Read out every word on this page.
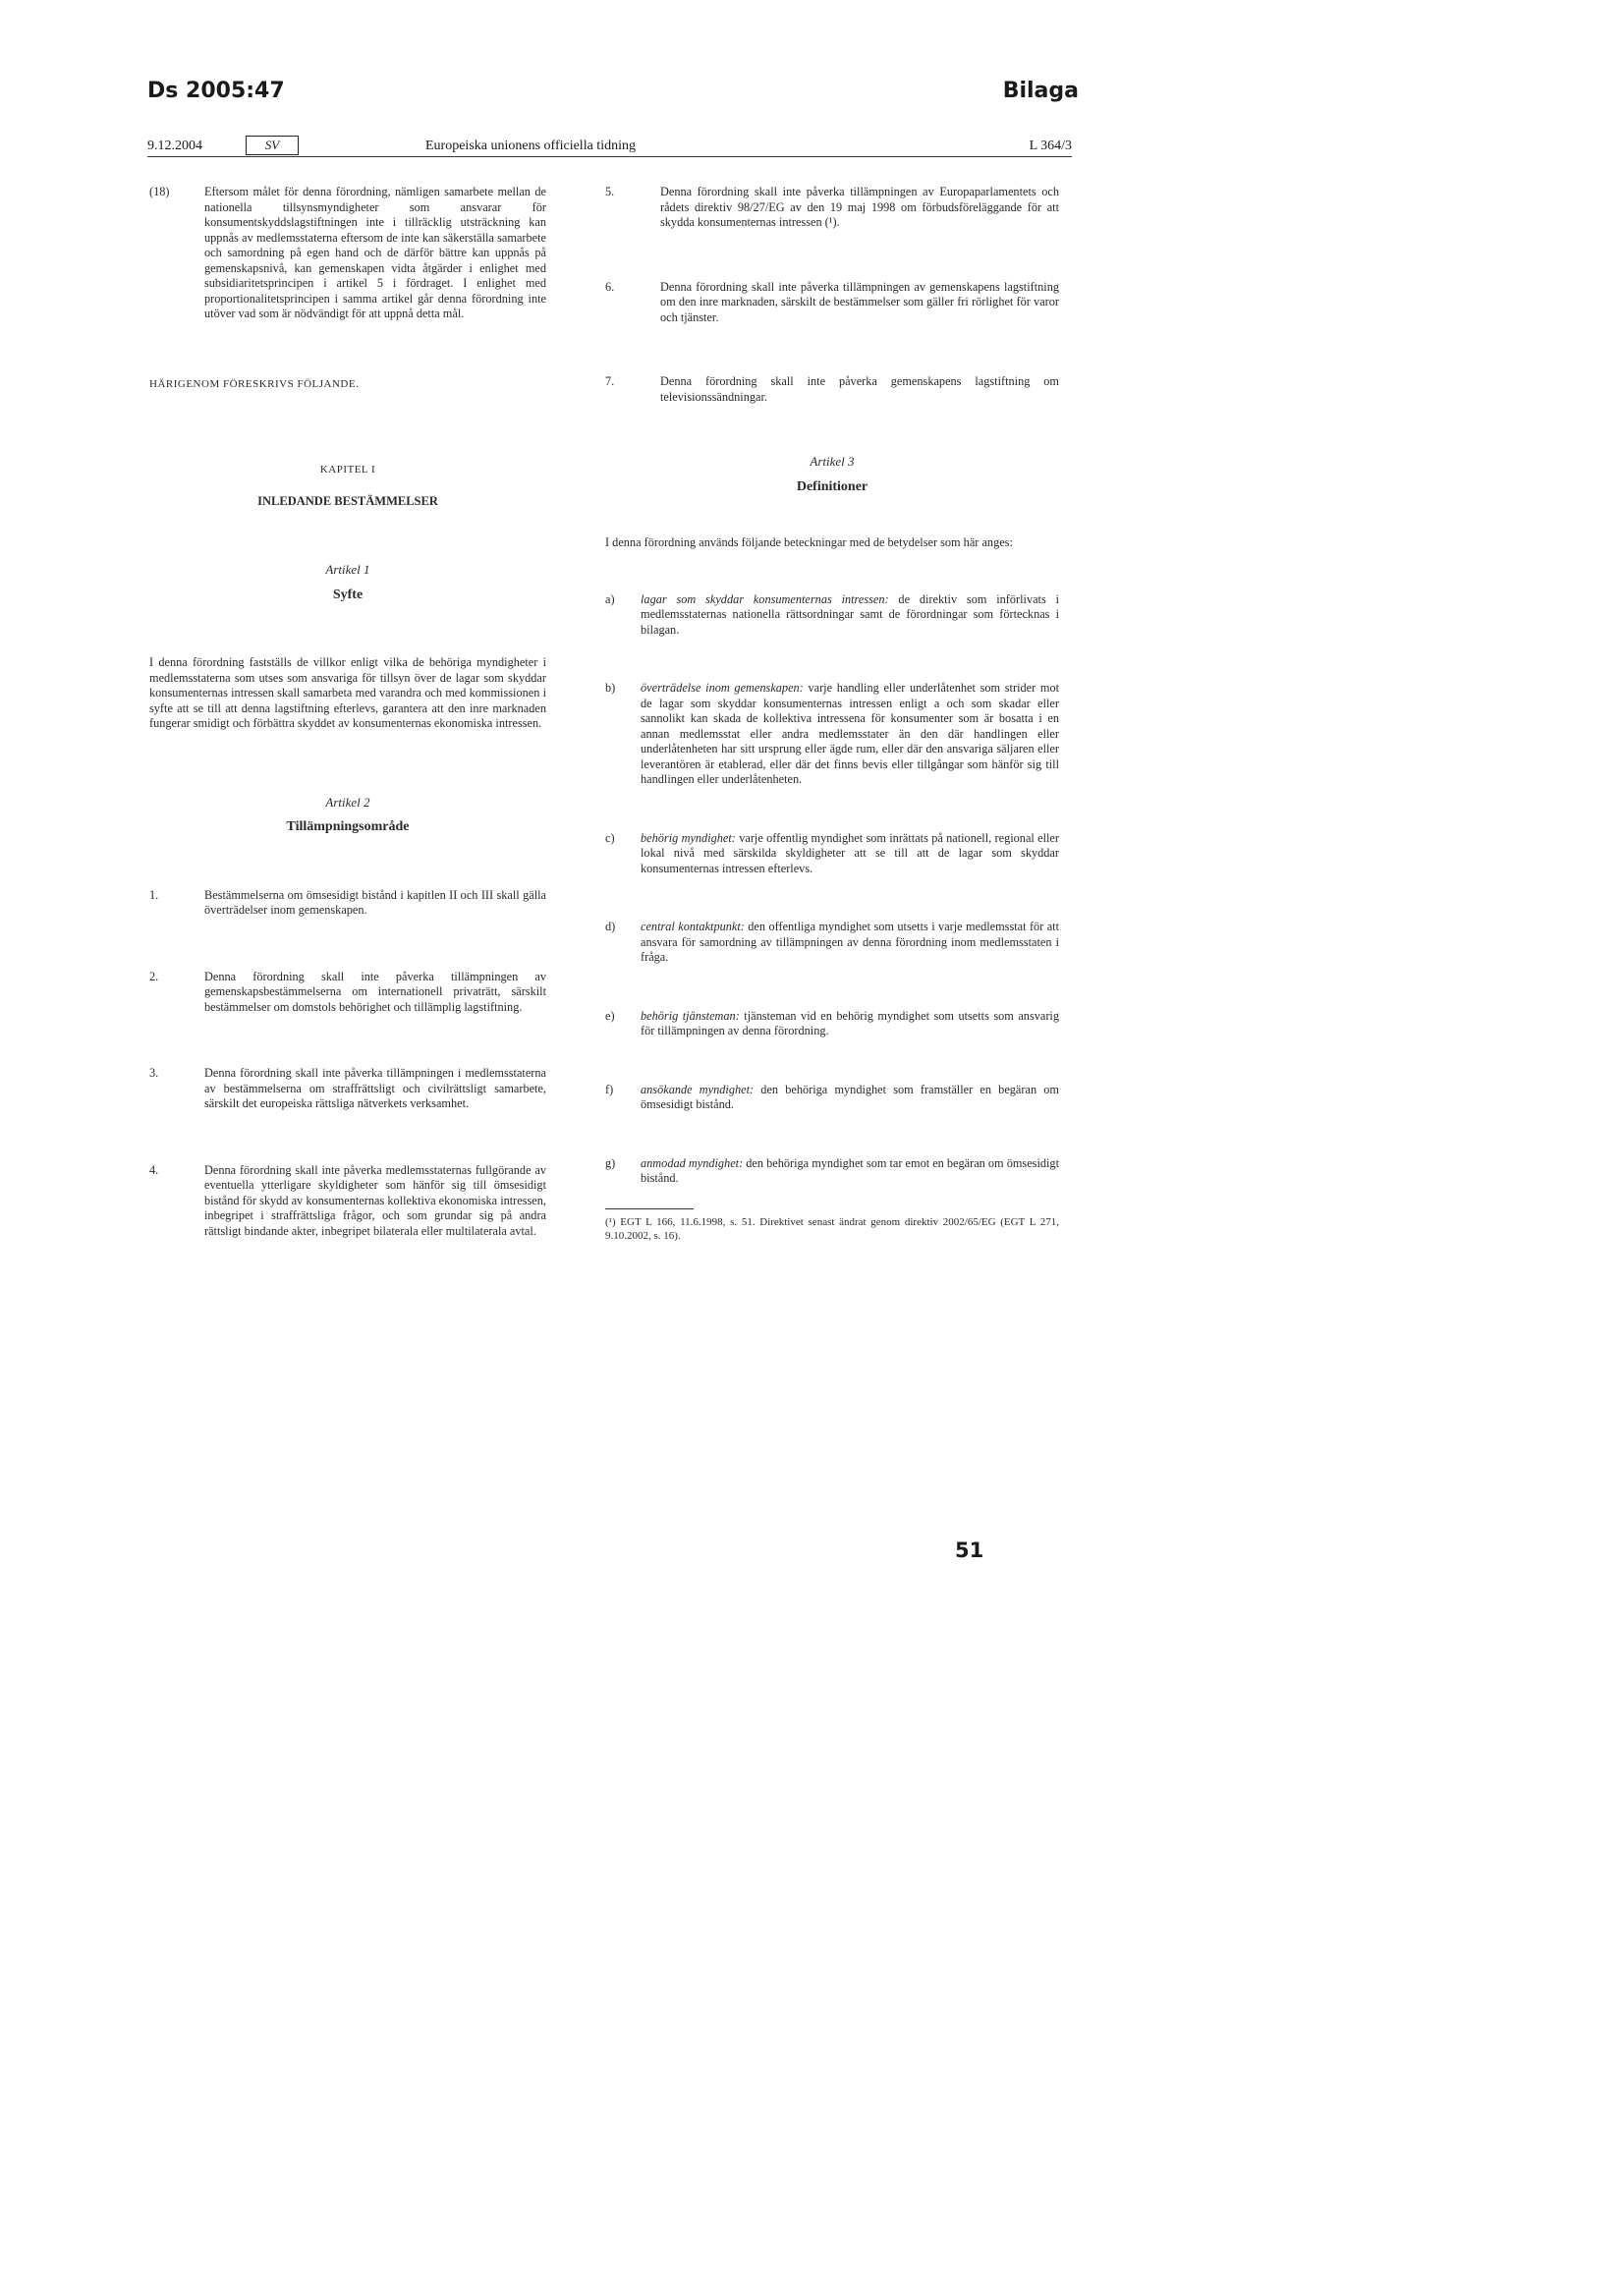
Ds 2005:47	Bilaga
9.12.2004	SV	Europeiska unionens officiella tidning	L 364/3
(18)	Eftersom målet för denna förordning, nämligen samarbete mellan de nationella tillsynsmyndigheter som ansvarar för konsumentskyddslagstiftningen inte i tillräcklig utsträckning kan uppnås av medlemsstaterna eftersom de inte kan säkerställa samarbete och samordning på egen hand och de därför bättre kan uppnås på gemenskapsnivå, kan gemenskapen vidta åtgärder i enlighet med subsidiaritetsprincipen i artikel 5 i fördraget. I enlighet med proportionalitetsprincipen i samma artikel går denna förordning inte utöver vad som är nödvändigt för att uppnå detta mål.
HÄRIGENOM FÖRESKRIVS FÖLJANDE.
KAPITEL I
INLEDANDE BESTÄMMELSER
Artikel 1
Syfte

I denna förordning fastställs de villkor enligt vilka de behöriga myndigheter i medlemsstaterna som utses som ansvariga för tillsyn över de lagar som skyddar konsumenternas intressen skall samarbeta med varandra och med kommissionen i syfte att se till att denna lagstiftning efterlevs, garantera att den inre marknaden fungerar smidigt och förbättra skyddet av konsumenternas ekonomiska intressen.

Artikel 2
Tillämpningsområde
1.	Bestämmelserna om ömsesidigt bistånd i kapitlen II och III skall gälla överträdelser inom gemenskapen.
2.	Denna förordning skall inte påverka tillämpningen av gemenskapsbestämmelserna om internationell privaträtt, särskilt bestämmelser om domstols behörighet och tillämplig lagstiftning.
3.	Denna förordning skall inte påverka tillämpningen i medlemsstaterna av bestämmelserna om straffrättsligt och civilrättsligt samarbete, särskilt det europeiska rättsliga nätverkets verksamhet.
4.	Denna förordning skall inte påverka medlemsstaternas fullgörande av eventuella ytterligare skyldigheter som hänför sig till ömsesidigt bistånd för skydd av konsumenternas kollektiva ekonomiska intressen, inbegripet i straffrättsliga frågor, och som grundar sig på andra rättsligt bindande akter, inbegripet bilaterala eller multilaterala avtal.
5.	Denna förordning skall inte påverka tillämpningen av Europaparlamentets och rådets direktiv 98/27/EG av den 19 maj 1998 om förbudsföreläggande för att skydda konsumenternas intressen (¹).
6.	Denna förordning skall inte påverka tillämpningen av gemenskapens lagstiftning om den inre marknaden, särskilt de bestämmelser som gäller fri rörlighet för varor och tjänster.
7.	Denna förordning skall inte påverka gemenskapens lagstiftning om televisionssändningar.
Artikel 3
Definitioner

I denna förordning används följande beteckningar med de betydelser som här anges:

a)	lagar som skyddar konsumenternas intressen: de direktiv som införlivats i medlemsstaternas nationella rättsordningar samt de förordningar som förtecknas i bilagan.
b)	överträdelse inom gemenskapen: varje handling eller underlåtenhet som strider mot de lagar som skyddar konsumenternas intressen enligt a och som skadar eller sannolikt kan skada de kollektiva intressena för konsumenter som är bosatta i en annan medlemsstat eller andra medlemsstater än den där handlingen eller underlåtenheten har sitt ursprung eller ägde rum, eller där den ansvariga säljaren eller leverantören är etablerad, eller där det finns bevis eller tillgångar som hänför sig till handlingen eller underlåtenheten.
c)	behörig myndighet: varje offentlig myndighet som inrättats på nationell, regional eller lokal nivå med särskilda skyldigheter att se till att de lagar som skyddar konsumenternas intressen efterlevs.
d)	central kontaktpunkt: den offentliga myndighet som utsetts i varje medlemsstat för att ansvara för samordning av tillämpningen av denna förordning inom medlemsstaten i fråga.
e)	behörig tjänsteman: tjänsteman vid en behörig myndighet som utsetts som ansvarig för tillämpningen av denna förordning.
f)	ansökande myndighet: den behöriga myndighet som framställer en begäran om ömsesidigt bistånd.
g)	anmodad myndighet: den behöriga myndighet som tar emot en begäran om ömsesidigt bistånd.
(¹) EGT L 166, 11.6.1998, s. 51. Direktivet senast ändrat genom direktiv 2002/65/EG (EGT L 271, 9.10.2002, s. 16).
51
